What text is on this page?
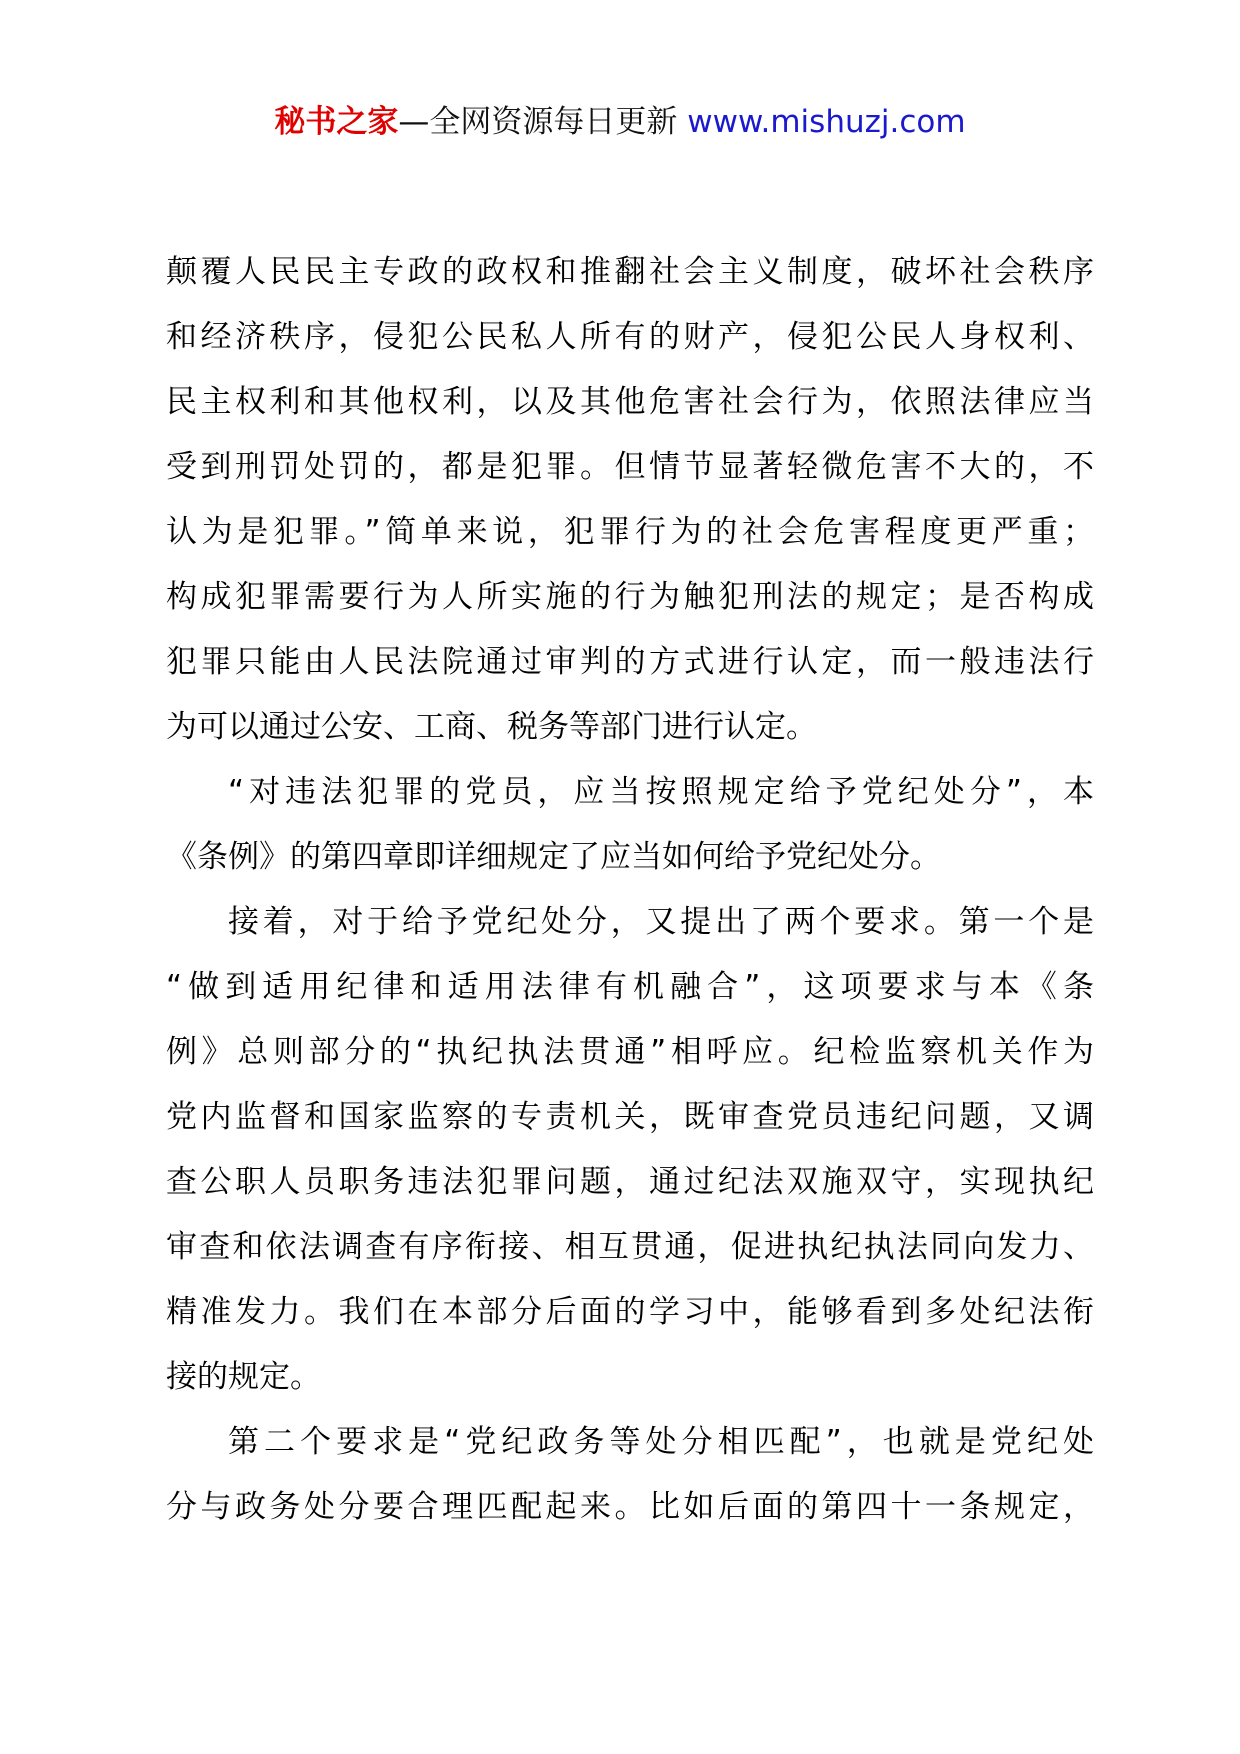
秘书之家—全网资源每日更新 www.mishuzj.com
颠覆人民民主专政的政权和推翻社会主义制度，破坏社会秩序
和经济秩序，侵犯公民私人所有的财产，侵犯公民人身权利、
民主权利和其他权利，以及其他危害社会行为，依照法律应当
受到刑罚处罚的，都是犯罪。但情节显著轻微危害不大的，不
认为是犯罪。”简单来说，犯罪行为的社会危害程度更严重；
构成犯罪需要行为人所实施的行为触犯刑法的规定；是否构成
犯罪只能由人民法院通过审判的方式进行认定，而一般违法行
为可以通过公安、工商、税务等部门进行认定。
“对违法犯罪的党员，应当按照规定给予党纪处分”，本
《条例》的第四章即详细规定了应当如何给予党纪处分。
接着，对于给予党纪处分，又提出了两个要求。第一个是
“做到适用纪律和适用法律有机融合”，这项要求与本《条
例》总则部分的“执纪执法贯通”相呼应。纪检监察机关作为
党内监督和国家监察的专责机关，既审查党员违纪问题，又调
查公职人员职务违法犯罪问题，通过纪法双施双守，实现执纪
审查和依法调查有序衔接、相互贯通，促进执纪执法同向发力、
精准发力。我们在本部分后面的学习中，能够看到多处纪法衔
接的规定。
第二个要求是“党纪政务等处分相匹配”，也就是党纪处
分与政务处分要合理匹配起来。比如后面的第四十一条规定，
